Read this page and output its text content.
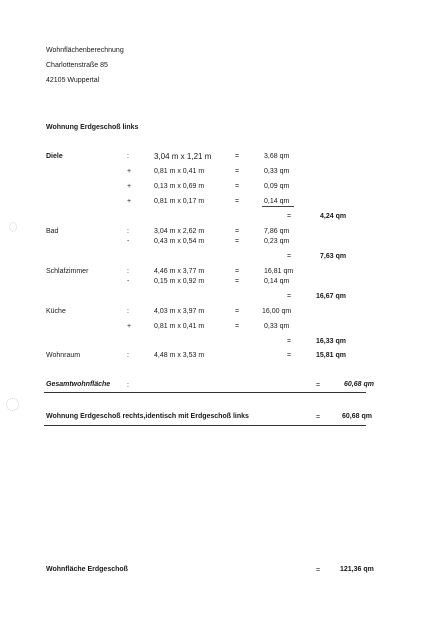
Wohnflächenberechnung
Charlottenstraße 85
42105 Wuppertal
Wohnung Erdgeschoß links
Diele	:	3,04 m x 1,21 m	=	3,68 qm
+	0,81 m x 0,41 m	=	0,33 qm
+	0,13 m x 0,69 m	=	0,09 qm
+	0,81 m x 0,17 m	=	0,14 qm
=	4,24 qm
Bad	:	3,04 m x 2,62 m	=	7,86 qm
-	0,43 m x 0,54 m	=	0,23 qm
=	7,63 qm
Schlafzimmer	:	4,46 m x 3,77 m	=	16,81 qm
-	0,15 m x 0,92 m	=	0,14 qm
=	16,67 qm
Küche	:	4,03 m x 3,97 m	=	16,00 qm
+	0,81 m x 0,41 m	=	0,33 qm
=	16,33 qm
Wohnraum	:	4,48 m x 3,53 m	=	15,81 qm
Gesamtwohnfläche :	=	60,68 qm
Wohnung Erdgeschoß rechts,identisch mit Erdgeschoß links	=	60,68 qm
Wohnfläche Erdgeschoß	=	121,36 qm
